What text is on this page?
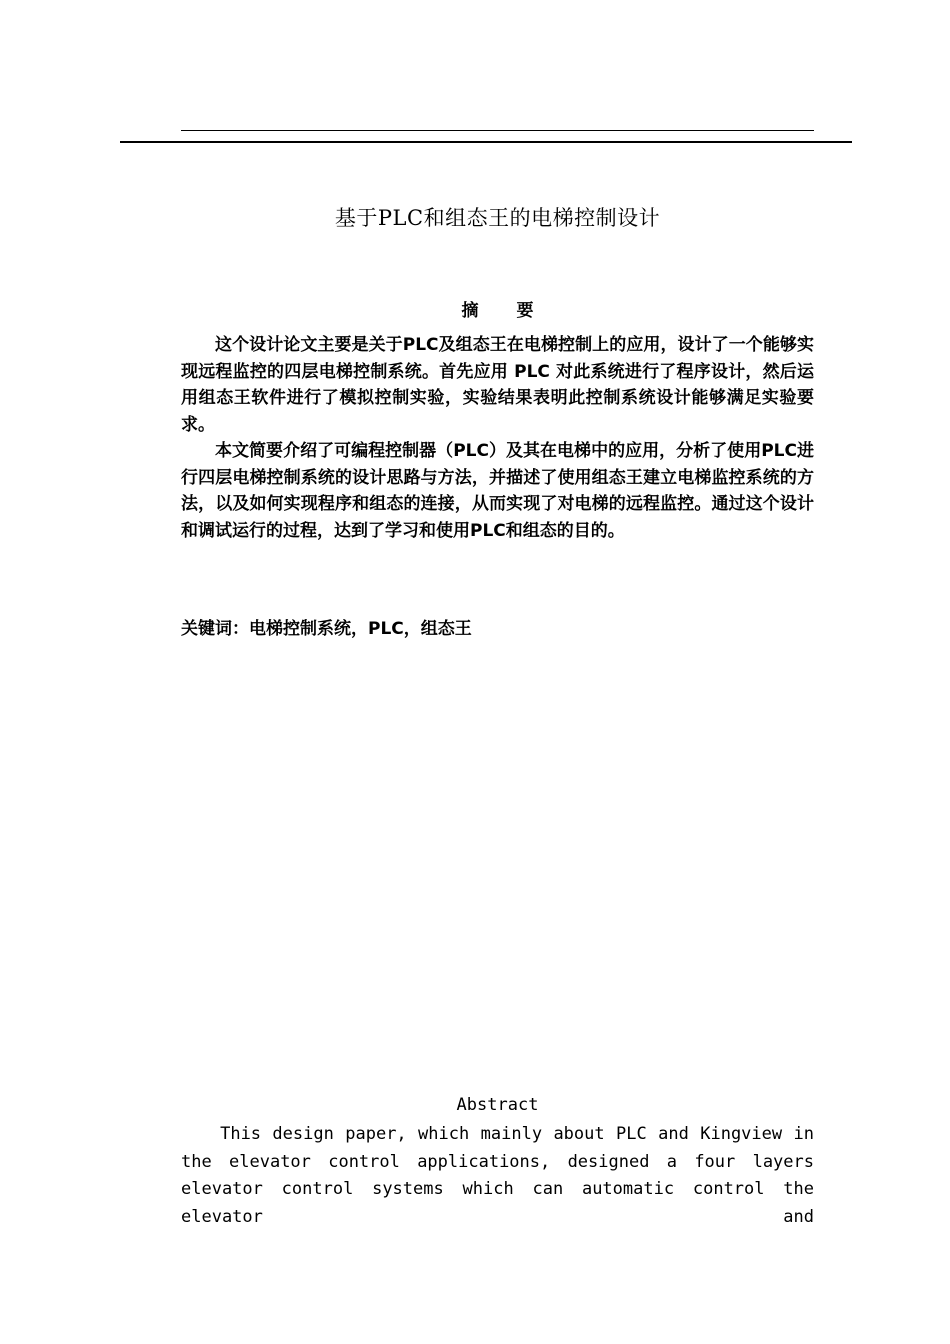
基于PLC和组态王的电梯控制设计
摘要

这个设计论文主要是关于PLC及组态王在电梯控制上的应用，设计了一个能够实现远程监控的四层电梯控制系统。首先应用 PLC 对此系统进行了程序设计，然后运用组态王软件进行了模拟控制实验，实验结果表明此控制系统设计能够满足实验要求。

本文简要介绍了可编程控制器（PLC）及其在电梯中的应用，分析了使用PLC进行四层电梯控制系统的设计思路与方法，并描述了使用组态王建立电梯监控系统的方法，以及如何实现程序和组态的连接，从而实现了对电梯的远程监控。通过这个设计和调试运行的过程，达到了学习和使用PLC和组态的目的。

关键词：电梯控制系统，PLC，组态王
Abstract

This design paper, which mainly about PLC and Kingview in the elevator control applications, designed a four layers elevator control systems which can automatic control the elevator and
